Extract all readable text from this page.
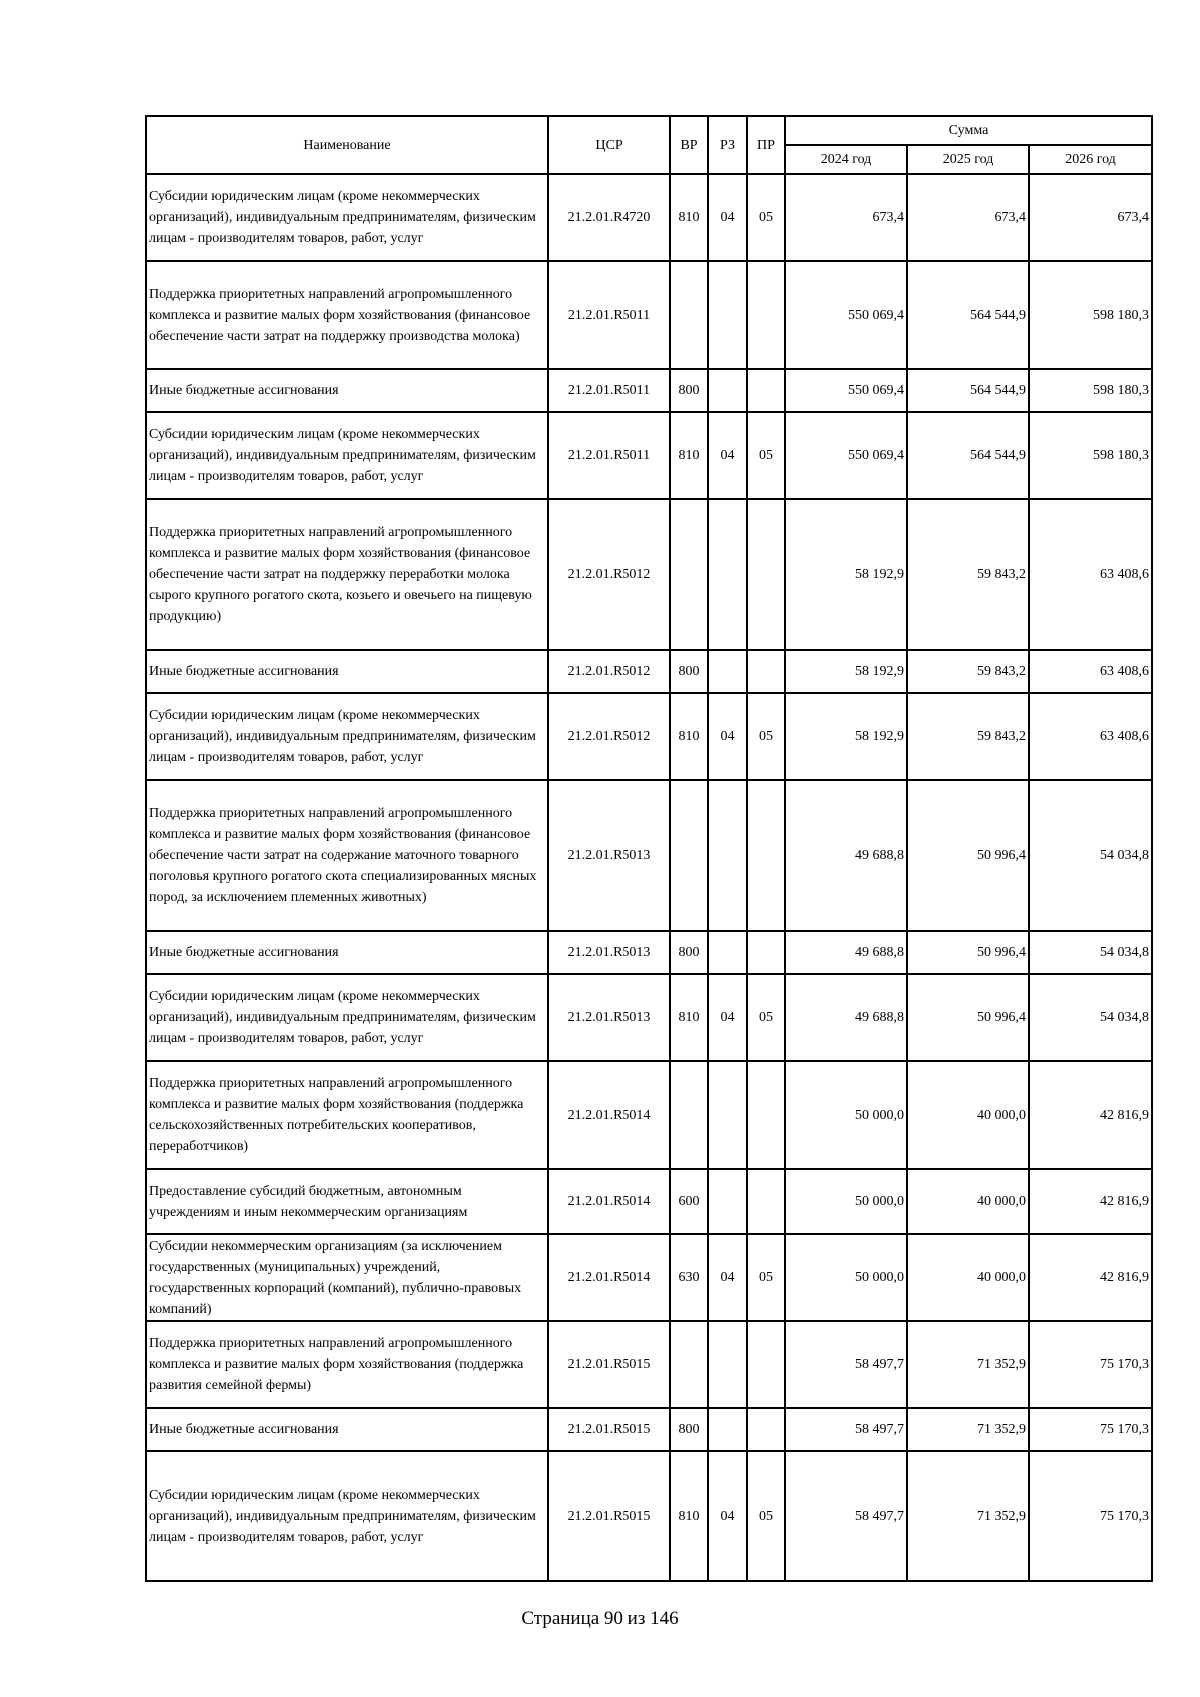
Наименование	ЦСР	ВР	РЗ	ПР	Сумма		
					2024 год	2025 год	2026 год
Субсидии юридическим лицам (кроме некоммерческих организаций), индивидуальным предпринимателям, физическим лицам - производителям товаров, работ, услуг	21.2.01.R4720	810	04	05	673,4	673,4	673,4
Поддержка приоритетных направлений агропромышленного комплекса и развитие малых форм хозяйствования (финансовое обеспечение части затрат на поддержку производства молока)	21.2.01.R5011				550 069,4	564 544,9	598 180,3
Иные бюджетные ассигнования	21.2.01.R5011	800			550 069,4	564 544,9	598 180,3
Субсидии юридическим лицам (кроме некоммерческих организаций), индивидуальным предпринимателям, физическим лицам - производителям товаров, работ, услуг	21.2.01.R5011	810	04	05	550 069,4	564 544,9	598 180,3
Поддержка приоритетных направлений агропромышленного комплекса и развитие малых форм хозяйствования (финансовое обеспечение части затрат на поддержку переработки молока сырого крупного рогатого скота, козьего и овечьего на пищевую продукцию)	21.2.01.R5012				58 192,9	59 843,2	63 408,6
Иные бюджетные ассигнования	21.2.01.R5012	800			58 192,9	59 843,2	63 408,6
Субсидии юридическим лицам (кроме некоммерческих организаций), индивидуальным предпринимателям, физическим лицам - производителям товаров, работ, услуг	21.2.01.R5012	810	04	05	58 192,9	59 843,2	63 408,6
Поддержка приоритетных направлений агропромышленного комплекса и развитие малых форм хозяйствования (финансовое обеспечение части затрат на содержание маточного товарного поголовья крупного рогатого скота специализированных мясных пород, за исключением племенных животных)	21.2.01.R5013				49 688,8	50 996,4	54 034,8
Иные бюджетные ассигнования	21.2.01.R5013	800			49 688,8	50 996,4	54 034,8
Субсидии юридическим лицам (кроме некоммерческих организаций), индивидуальным предпринимателям, физическим лицам - производителям товаров, работ, услуг	21.2.01.R5013	810	04	05	49 688,8	50 996,4	54 034,8
Поддержка приоритетных направлений агропромышленного комплекса и развитие малых форм хозяйствования (поддержка сельскохозяйственных потребительских кооперативов, переработчиков)	21.2.01.R5014				50 000,0	40 000,0	42 816,9
Предоставление субсидий бюджетным, автономным учреждениям и иным некоммерческим организациям	21.2.01.R5014	600			50 000,0	40 000,0	42 816,9
Субсидии некоммерческим организациям (за исключением государственных (муниципальных) учреждений, государственных корпораций (компаний), публично-правовых компаний)	21.2.01.R5014	630	04	05	50 000,0	40 000,0	42 816,9
Поддержка приоритетных направлений агропромышленного комплекса и развитие малых форм хозяйствования (поддержка развития семейной фермы)	21.2.01.R5015				58 497,7	71 352,9	75 170,3
Иные бюджетные ассигнования	21.2.01.R5015	800			58 497,7	71 352,9	75 170,3
Субсидии юридическим лицам (кроме некоммерческих организаций), индивидуальным предпринимателям, физическим лицам - производителям товаров, работ, услуг	21.2.01.R5015	810	04	05	58 497,7	71 352,9	75 170,3
Страница 90 из 146
